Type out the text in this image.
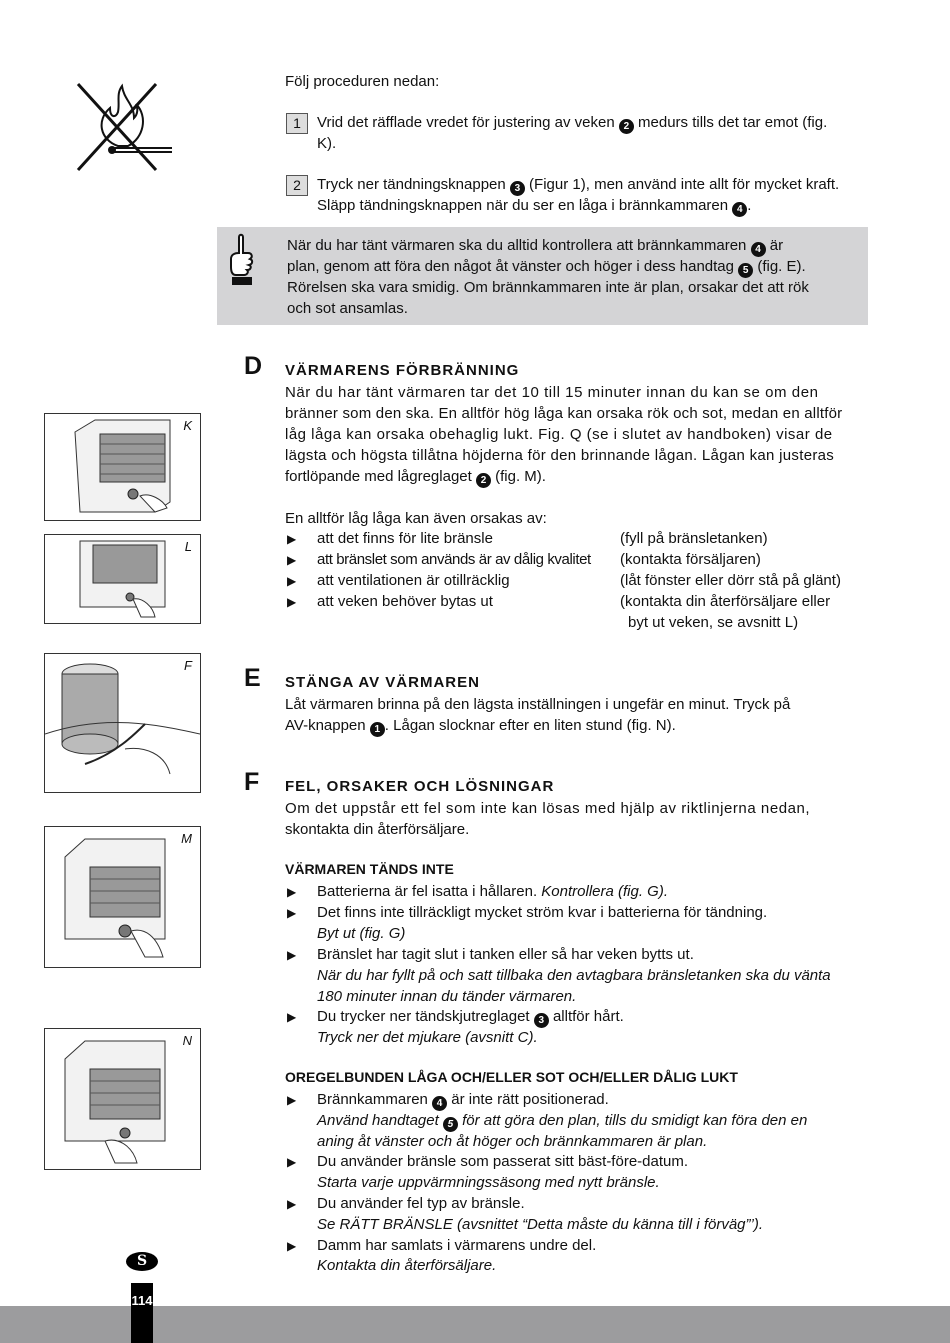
Följ proceduren nedan:
1	Vrid det räfflade vredet för justering av veken 2 medurs tills det tar emot (fig.
K).
2	Tryck ner tändningsknappen 3 (Figur 1), men använd inte allt för mycket kraft.
Släpp tändningsknappen när du ser en låga i brännkammaren 4 .
När du har tänt värmaren ska du alltid kontrollera att brännkammaren 4 är
plan, genom att föra den något åt vänster och höger i dess handtag 5 (fig. E).
Rörelsen ska vara smidig. Om brännkammaren inte är plan, orsakar det att rök
och sot ansamlas.
D VÄRMARENS FÖRBRÄNNING
När du har tänt värmaren tar det 10 till 15 minuter innan du kan se om den
bränner som den ska. En alltför hög låga kan orsaka rök och sot, medan en alltför
låg låga kan orsaka obehaglig lukt. Fig. Q (se i slutet av handboken) visar de
lägsta och högsta tillåtna höjderna för den brinnande lågan. Lågan kan justeras
fortlöpande med lågreglaget 2 (fig. M).
En alltför låg låga kan även orsakas av:
▶ att det finns för lite bränsle	(fyll på bränsletanken)
▶ att bränslet som används är av dålig kvalitet (kontakta försäljaren)
▶ att ventilationen är otillräcklig	(låt fönster eller dörr stå på glänt)
▶ att veken behöver bytas ut	(kontakta din återförsäljare eller
byt ut veken, se avsnitt L)
E STÄNGA AV VÄRMAREN
Låt värmaren brinna på den lägsta inställningen i ungefär en minut. Tryck på
AV-knappen 1 . Lågan slocknar efter en liten stund (fig. N).
F FEL, ORSAKER OCH LÖSNINGAR
Om det uppstår ett fel som inte kan lösas med hjälp av riktlinjerna nedan,
skontakta din återförsäljare.
VÄRMAREN TÄNDS INTE
▶ Batterierna är fel isatta i hållaren. Kontrollera (fig. G).
▶ Det finns inte tillräckligt mycket ström kvar i batterierna för tändning.
Byt ut (fig. G)
▶ Bränslet har tagit slut i tanken eller så har veken bytts ut.
När du har fyllt på och satt tillbaka den avtagbara bränsletanken ska du vänta
180 minuter innan du tänder värmaren.
▶ Du trycker ner tändskjutreglaget 3 alltför hårt.
Tryck ner det mjukare (avsnitt C).
OREGELBUNDEN LÅGA OCH/ELLER SOT OCH/ELLER DÅLIG LUKT
▶ Brännkammaren 4 är inte rätt positionerad.
Använd handtaget 5 för att göra den plan, tills du smidigt kan föra den en
aning åt vänster och åt höger och brännkammaren är plan.
▶ Du använder bränsle som passerat sitt bäst-före-datum.
Starta varje uppvärmningssäsong med nytt bränsle.
▶ Du använder fel typ av bränsle.
Se RÄTT BRÄNSLE (avsnittet “Detta måste du känna till i förväg”’).
▶ Damm har samlats i värmarens undre del.
Kontakta din återförsäljare.
K
L
F
M
N
S
114
